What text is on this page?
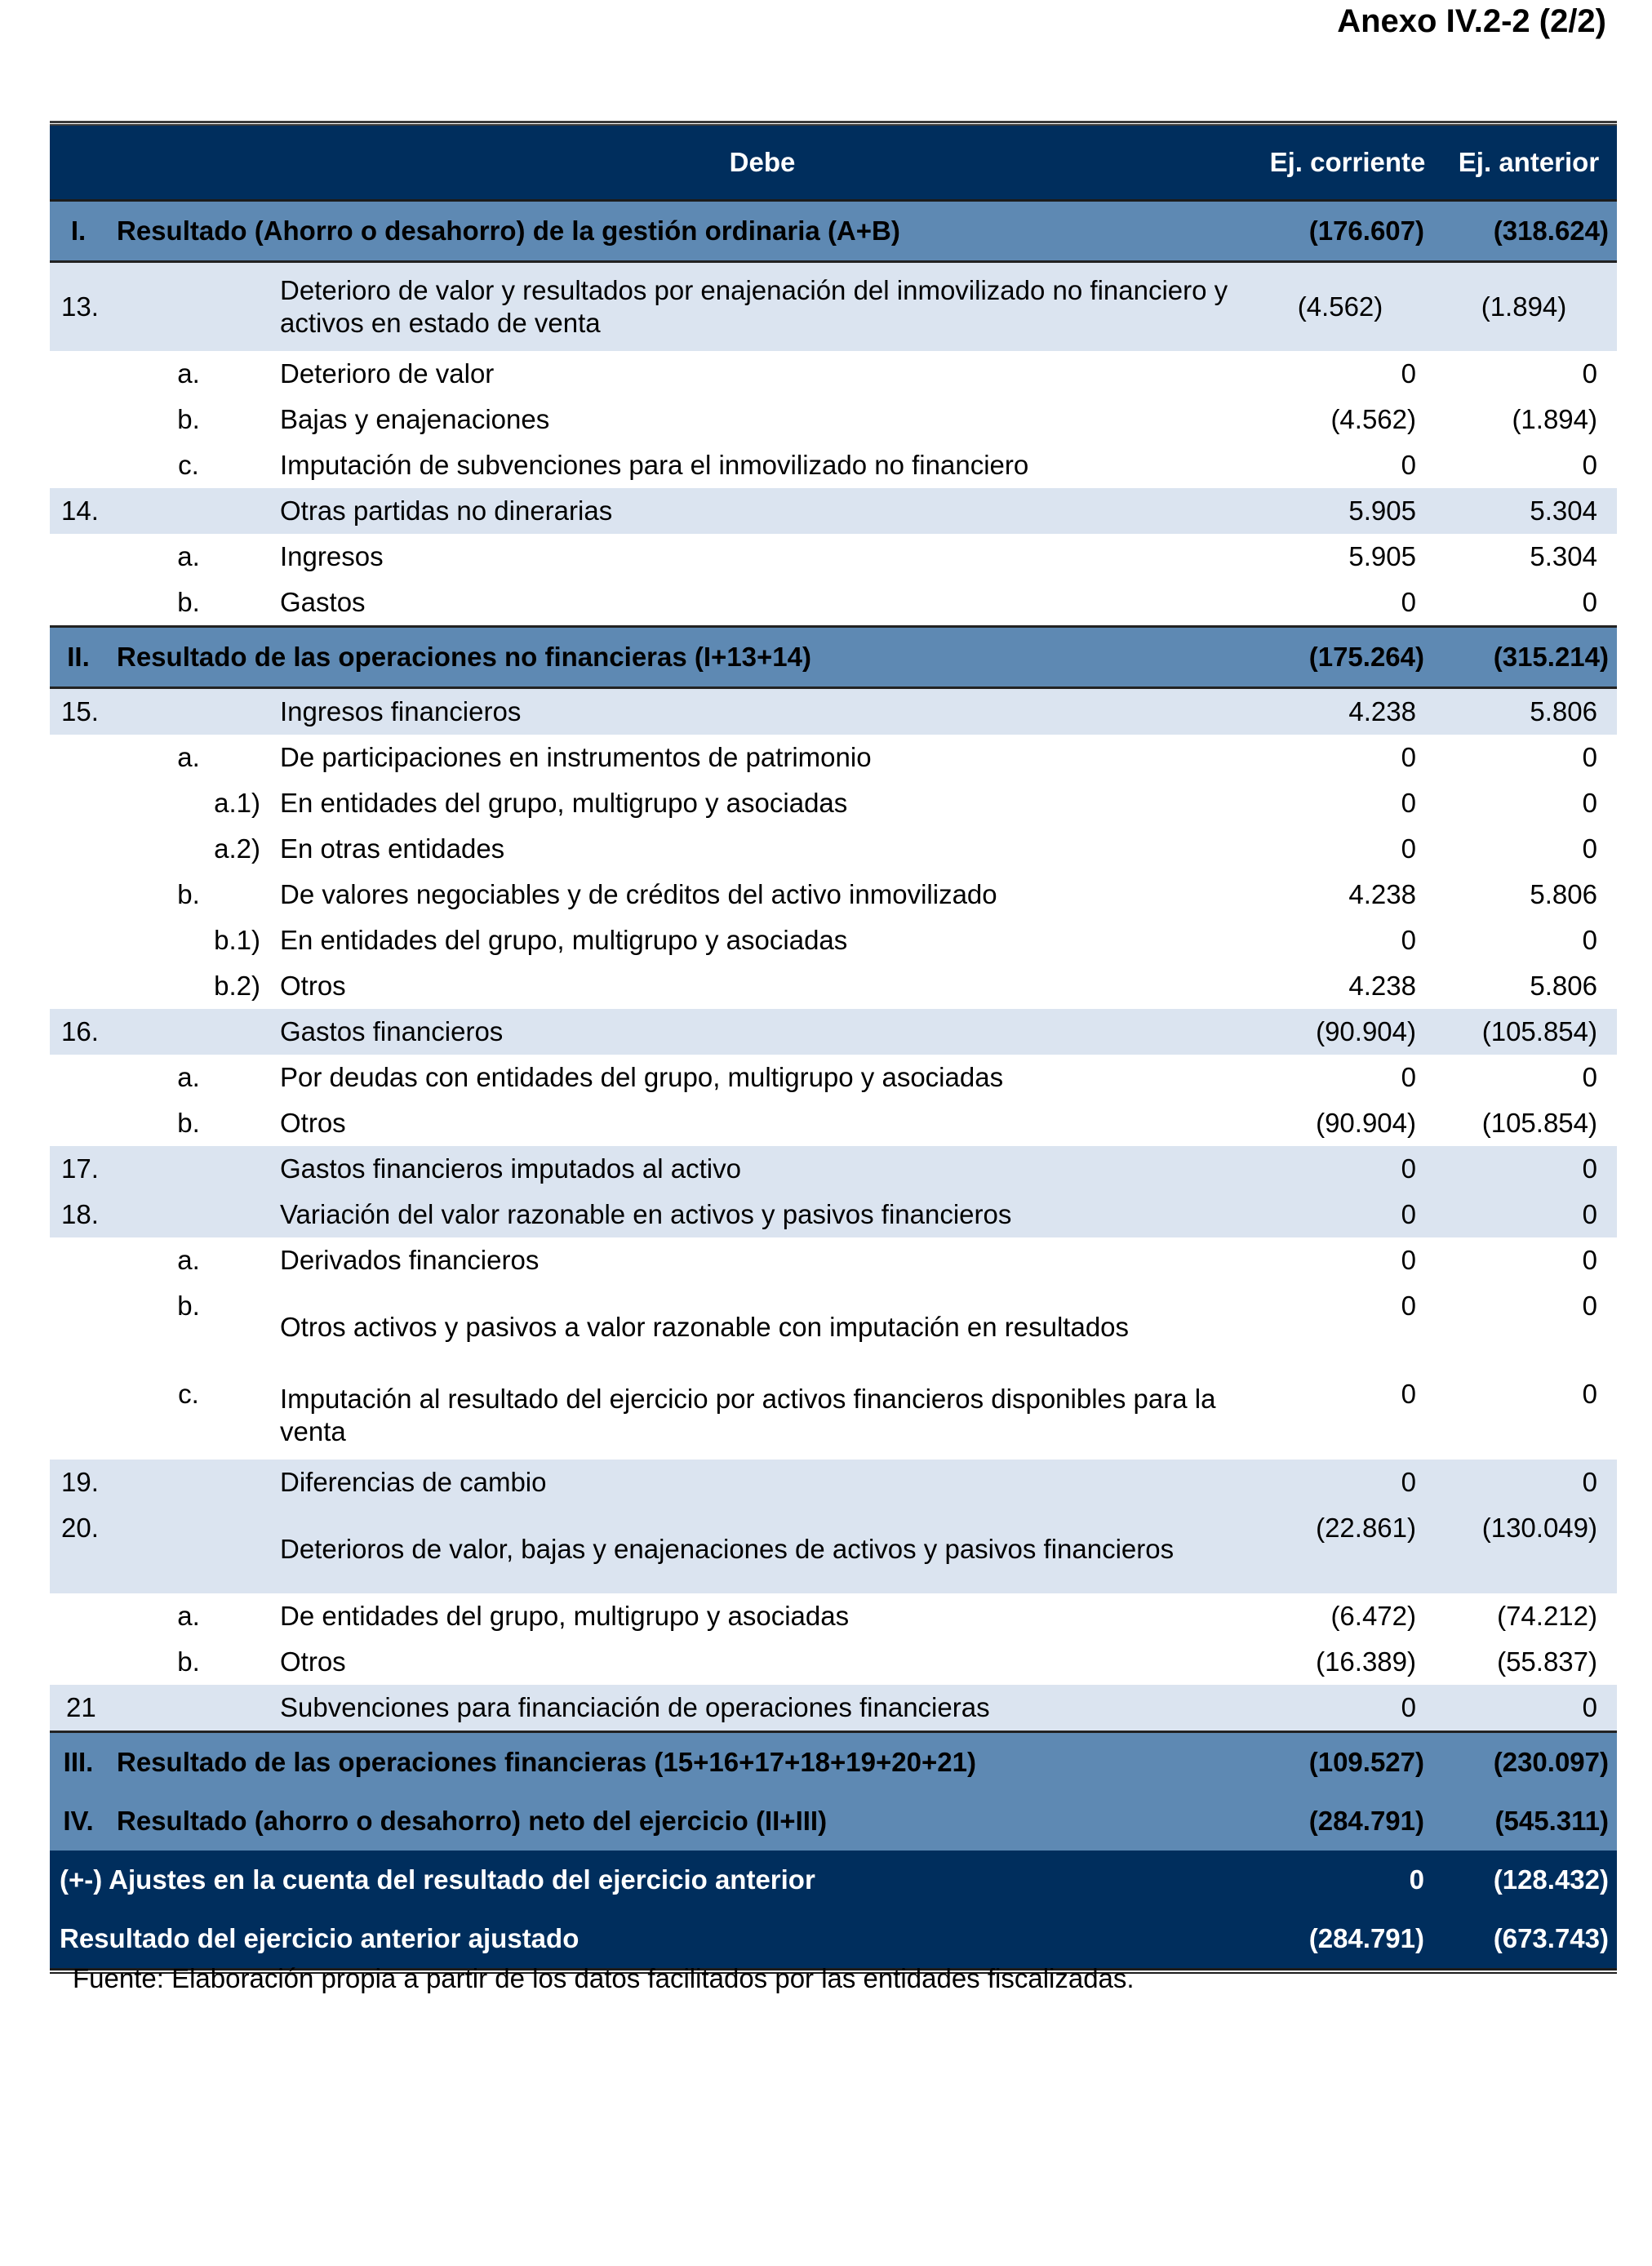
Anexo IV.2-2 (2/2)
		Debe	Ej. corriente	Ej. anterior
I.	Resultado (Ahorro o desahorro) de la gestión ordinaria (A+B)		(176.607)	(318.624)
13.		Deterioro de valor y resultados por enajenación del inmovilizado no financiero y activos en estado de venta	(4.562)	(1.894)
	a.	Deterioro de valor	0	0
	b.	Bajas y enajenaciones	(4.562)	(1.894)
	c.	Imputación de subvenciones para el inmovilizado no financiero	0	0
14.		Otras partidas no dinerarias	5.905	5.304
	a.	Ingresos	5.905	5.304
	b.	Gastos	0	0
II.	Resultado de las operaciones no financieras (I+13+14)		(175.264)	(315.214)
15.		Ingresos financieros	4.238	5.806
	a.	De participaciones en instrumentos de patrimonio	0	0
	a.1)	En entidades del grupo, multigrupo y asociadas	0	0
	a.2)	En otras entidades	0	0
	b.	De valores negociables y de créditos del activo inmovilizado	4.238	5.806
	b.1)	En entidades del grupo, multigrupo y asociadas	0	0
	b.2)	Otros	4.238	5.806
16.		Gastos financieros	(90.904)	(105.854)
	a.	Por deudas con entidades del grupo, multigrupo y asociadas	0	0
	b.	Otros	(90.904)	(105.854)
17.		Gastos financieros imputados al activo	0	0
18.		Variación del valor razonable en activos y pasivos financieros	0	0
	a.	Derivados financieros	0	0
	b.	Otros activos y pasivos a valor razonable con imputación en resultados	0	0
	c.	Imputación al resultado del ejercicio por activos financieros disponibles para la venta	0	0
19.		Diferencias de cambio	0	0
20.		Deterioros de valor, bajas y enajenaciones de activos y pasivos financieros	(22.861)	(130.049)
	a.	De entidades del grupo, multigrupo y asociadas	(6.472)	(74.212)
	b.	Otros	(16.389)	(55.837)
21		Subvenciones para financiación de operaciones financieras	0	0
III.	Resultado de las operaciones financieras (15+16+17+18+19+20+21)		(109.527)	(230.097)
IV.	Resultado (ahorro o desahorro) neto del ejercicio (II+III)		(284.791)	(545.311)
(+-) Ajustes en la cuenta del resultado del ejercicio anterior			0	(128.432)
Resultado del ejercicio anterior ajustado			(284.791)	(673.743)
Fuente: Elaboración propia a partir de los datos facilitados por las entidades fiscalizadas.
